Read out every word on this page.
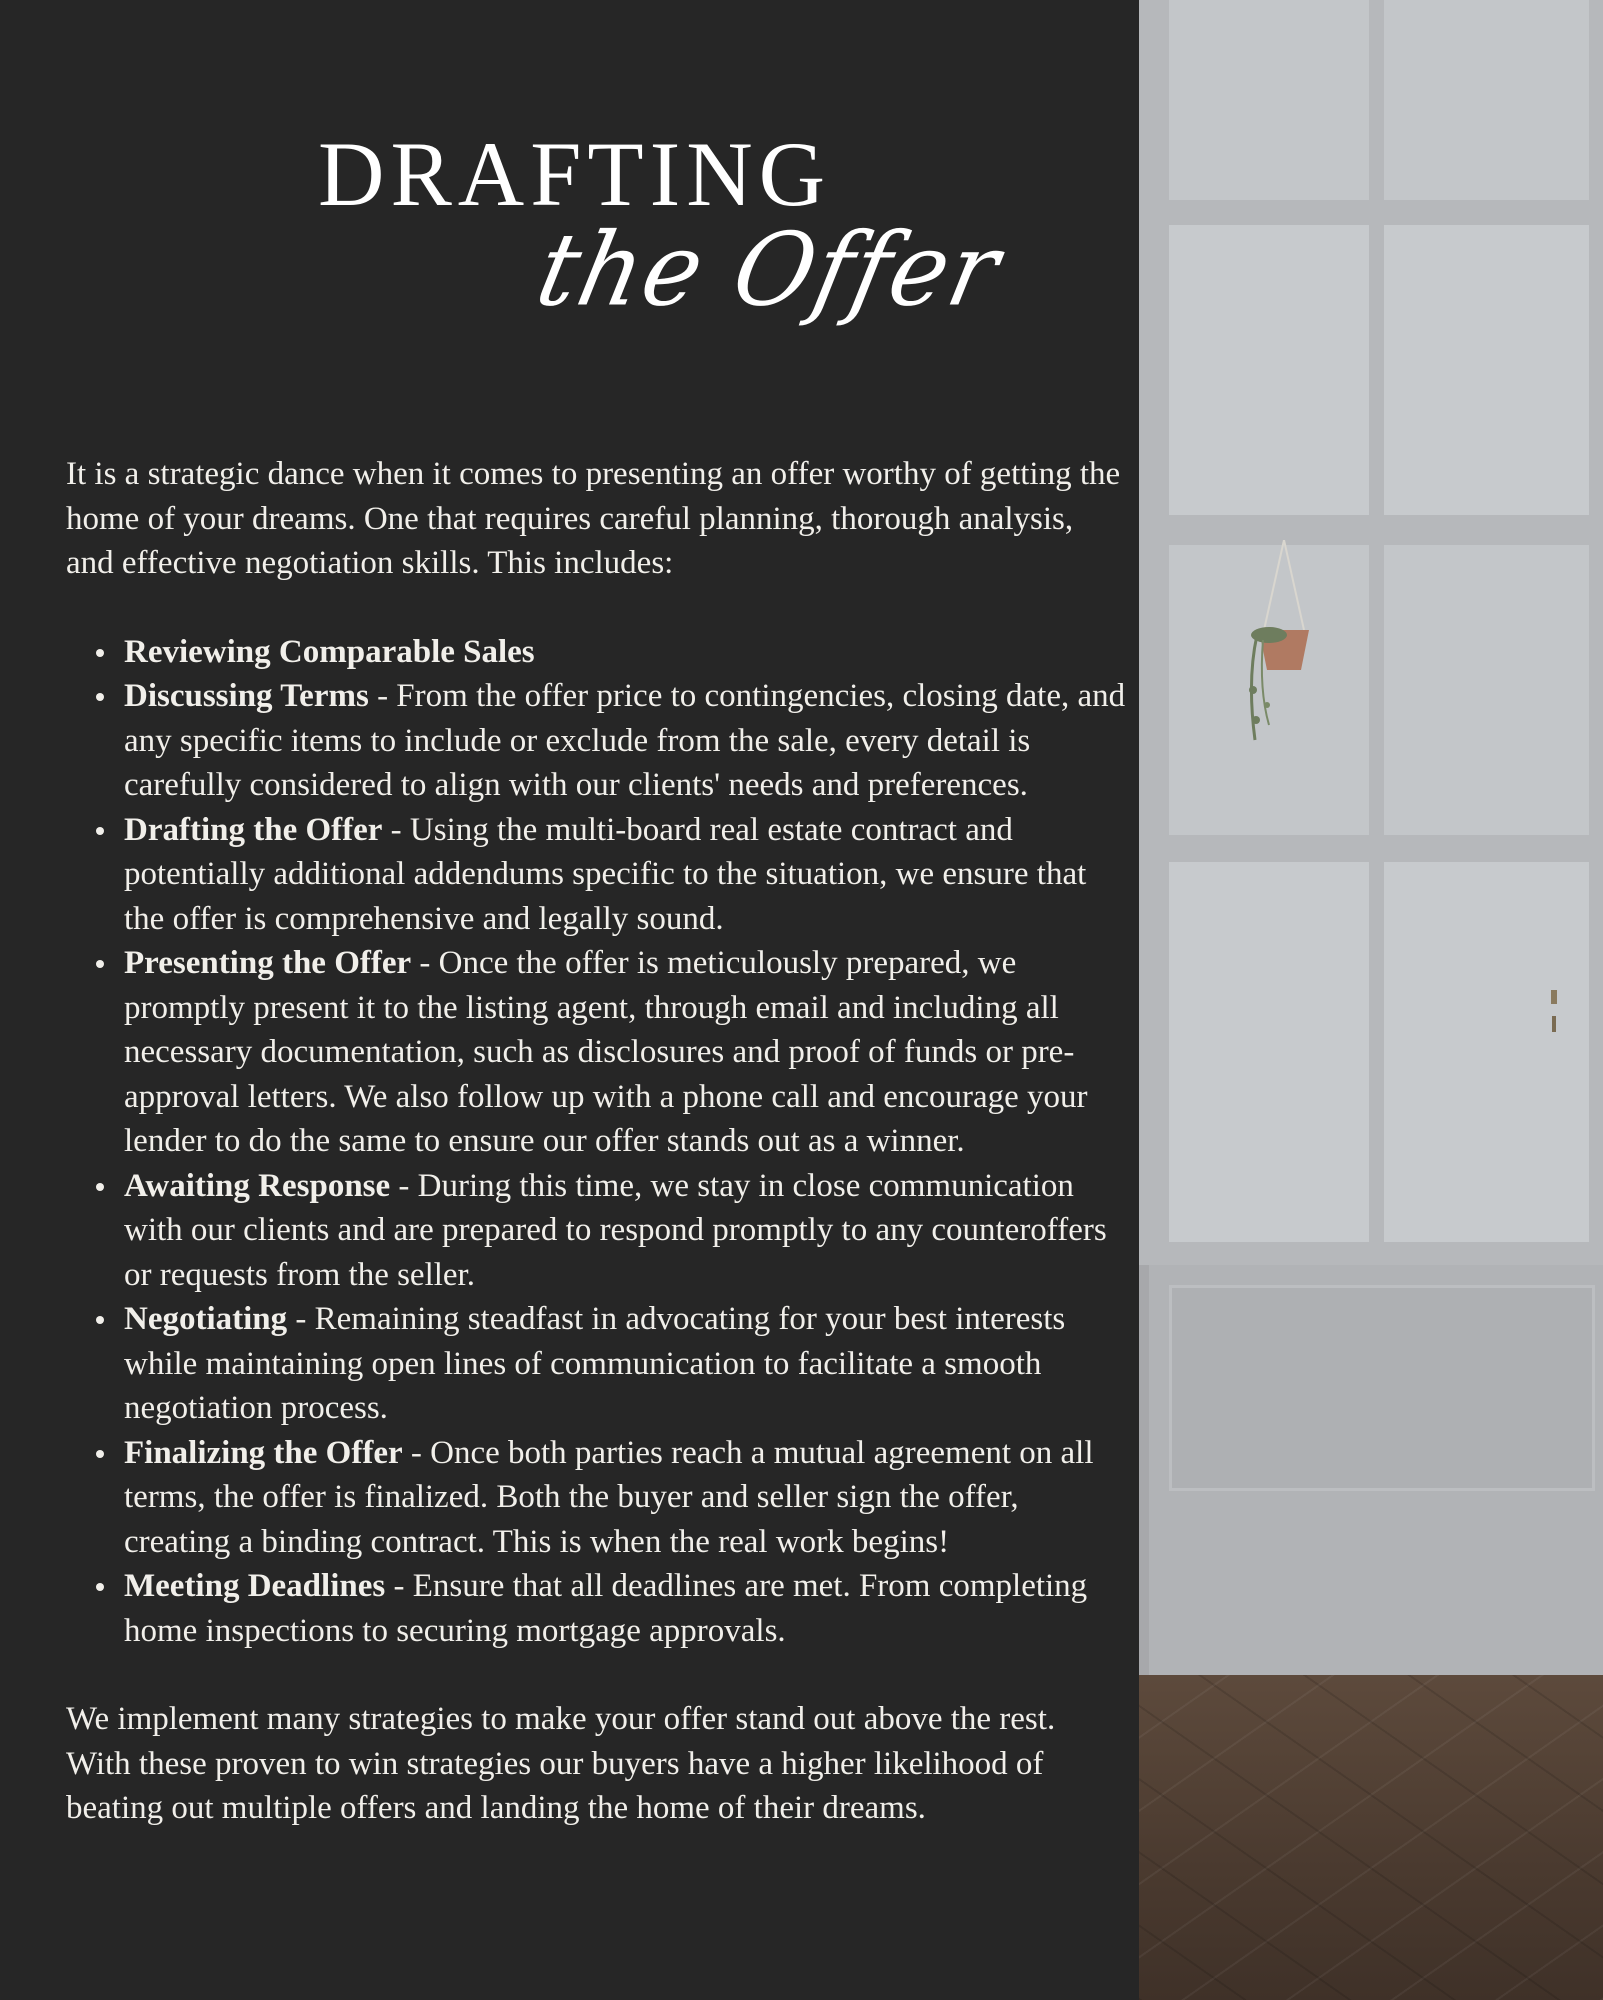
DRAFTING
the Offer

It is a strategic dance when it comes to presenting an offer worthy of getting the home of your dreams. One that requires careful planning, thorough analysis, and effective negotiation skills. This includes:

Reviewing Comparable Sales
Discussing Terms - From the offer price to contingencies, closing date, and any specific items to include or exclude from the sale, every detail is carefully considered to align with our clients' needs and preferences.
Drafting the Offer - Using the multi-board real estate contract and potentially additional addendums specific to the situation, we ensure that the offer is comprehensive and legally sound.
Presenting the Offer - Once the offer is meticulously prepared, we promptly present it to the listing agent, through email and including all necessary documentation, such as disclosures and proof of funds or pre-approval letters. We also follow up with a phone call and encourage your lender to do the same to ensure our offer stands out as a winner.
Awaiting Response - During this time, we stay in close communication with our clients and are prepared to respond promptly to any counteroffers or requests from the seller.
Negotiating - Remaining steadfast in advocating for your best interests while maintaining open lines of communication to facilitate a smooth negotiation process.
Finalizing the Offer - Once both parties reach a mutual agreement on all terms, the offer is finalized. Both the buyer and seller sign the offer, creating a binding contract. This is when the real work begins!
Meeting Deadlines - Ensure that all deadlines are met. From completing home inspections to securing mortgage approvals.

We implement many strategies to make your offer stand out above the rest. With these proven to win strategies our buyers have a higher likelihood of beating out multiple offers and landing the home of their dreams.
